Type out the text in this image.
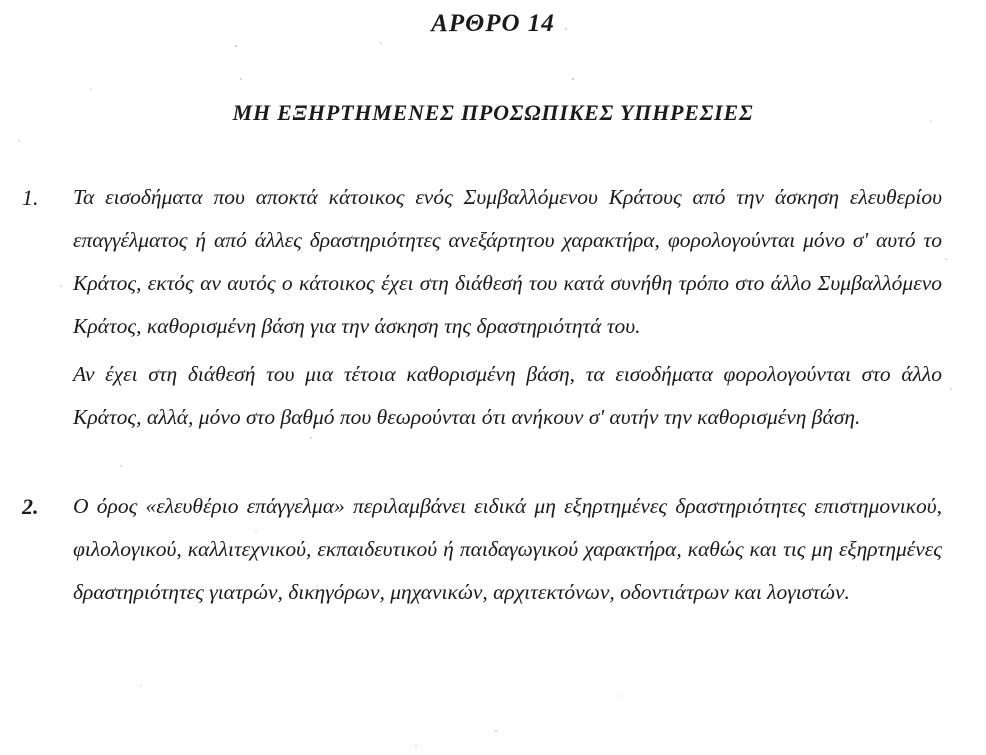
ΑΡΘΡΟ 14
ΜΗ ΕΞΗΡΤΗΜΕΝΕΣ ΠΡΟΣΩΠΙΚΕΣ ΥΠΗΡΕΣΙΕΣ
1.	Τα εισοδήματα που αποκτά κάτοικος ενός Συμβαλλόμενου Κράτους από την άσκηση ελευθερίου επαγγέλματος ή από άλλες δραστηριότητες ανεξάρτητου χαρακτήρα, φορολογούνται μόνο σ' αυτό το Κράτος, εκτός αν αυτός ο κάτοικος έχει στη διάθεσή του κατά συνήθη τρόπο στο άλλο Συμβαλλόμενο Κράτος, καθορισμένη βάση για την άσκηση της δραστηριότητά του.
Αν έχει στη διάθεσή του μια τέτοια καθορισμένη βάση, τα εισοδήματα φορολογούνται στο άλλο Κράτος, αλλά, μόνο στο βαθμό που θεωρούνται ότι ανήκουν σ' αυτήν την καθορισμένη βάση.
2.	Ο όρος «ελευθέριο επάγγελμα» περιλαμβάνει ειδικά μη εξηρτημένες δραστηριότητες επιστημονικού, φιλολογικού, καλλιτεχνικού, εκπαιδευτικού ή παιδαγωγικού χαρακτήρα, καθώς και τις μη εξηρτημένες δραστηριότητες γιατρών, δικηγόρων, μηχανικών, αρχιτεκτόνων, οδοντιάτρων και λογιστών.
